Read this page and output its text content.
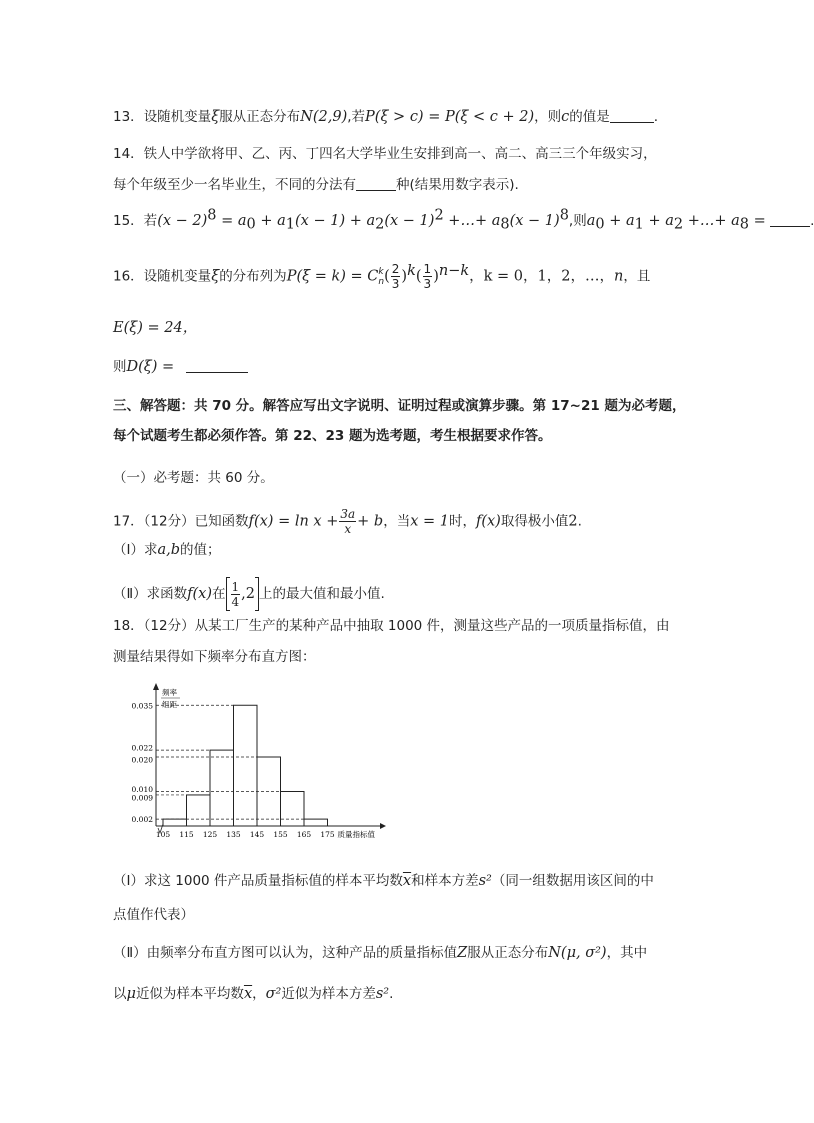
13．设随机变量ξ服从正态分布N(2,9),若P(ξ > c) = P(ξ < c + 2)，则c的值是	.
14．铁人中学欲将甲、乙、丙、丁四名大学毕业生安排到高一、高二、高三三个年级实习，
每个年级至少一名毕业生，不同的分法有	种(结果用数字表示).
15．若$(x - 2)^8 = a_0 + a_1(x - 1) + a_2(x - 1)^2$ +…+ $a_8(x - 1)^8$,则$a_0 + a_1 + a_2$ +…+ $a_8$ =	.
16．设随机变量ξ的分布列为P(ξ = k) = Ck
$n( \frac{2}{3} )^k( \frac{1}{3} )^{n-k}$，k = 0，1，2，…，n，且
E(ξ) = 24，
则D(ξ) =
三、解答题：共 70 分。解答应写出文字说明、证明过程或演算步骤。第 17~21 题为必考题，
每个试题考生都必须作答。第 22、23 题为选考题，考生根据要求作答。
（一）必考题：共 60 分。
17．（12分）已知函数$f(x) = \ln x + \frac{3a}{x} + b$，当x = 1时，f(x)取得极小值2.
（Ⅰ）求a,b的值；
（Ⅱ）求函数f(x)在 $\frac{1}{4} ,2$ 上的最大值和最小值.
18．（12分）从某工厂生产的某种产品中抽取 1000 件，测量这些产品的一项质量指标值，由
测量结果得如下频率分布直方图：
频率
组距
0.035
0.022
0.020
0.010
0.009
0.002
105 115 125 135 145 155 165 175 质量指标值
（Ⅰ）求这 1000 件产品质量指标值的样本平均数$\overline{x}$和样本方差s²（同一组数据用该区间的中
点值作代表）
（Ⅱ）由频率分布直方图可以认为，这种产品的质量指标值Z服从正态分布N(μ, σ²)，其中
以μ近似为样本平均数$\overline{x}$，σ²近似为样本方差s².
